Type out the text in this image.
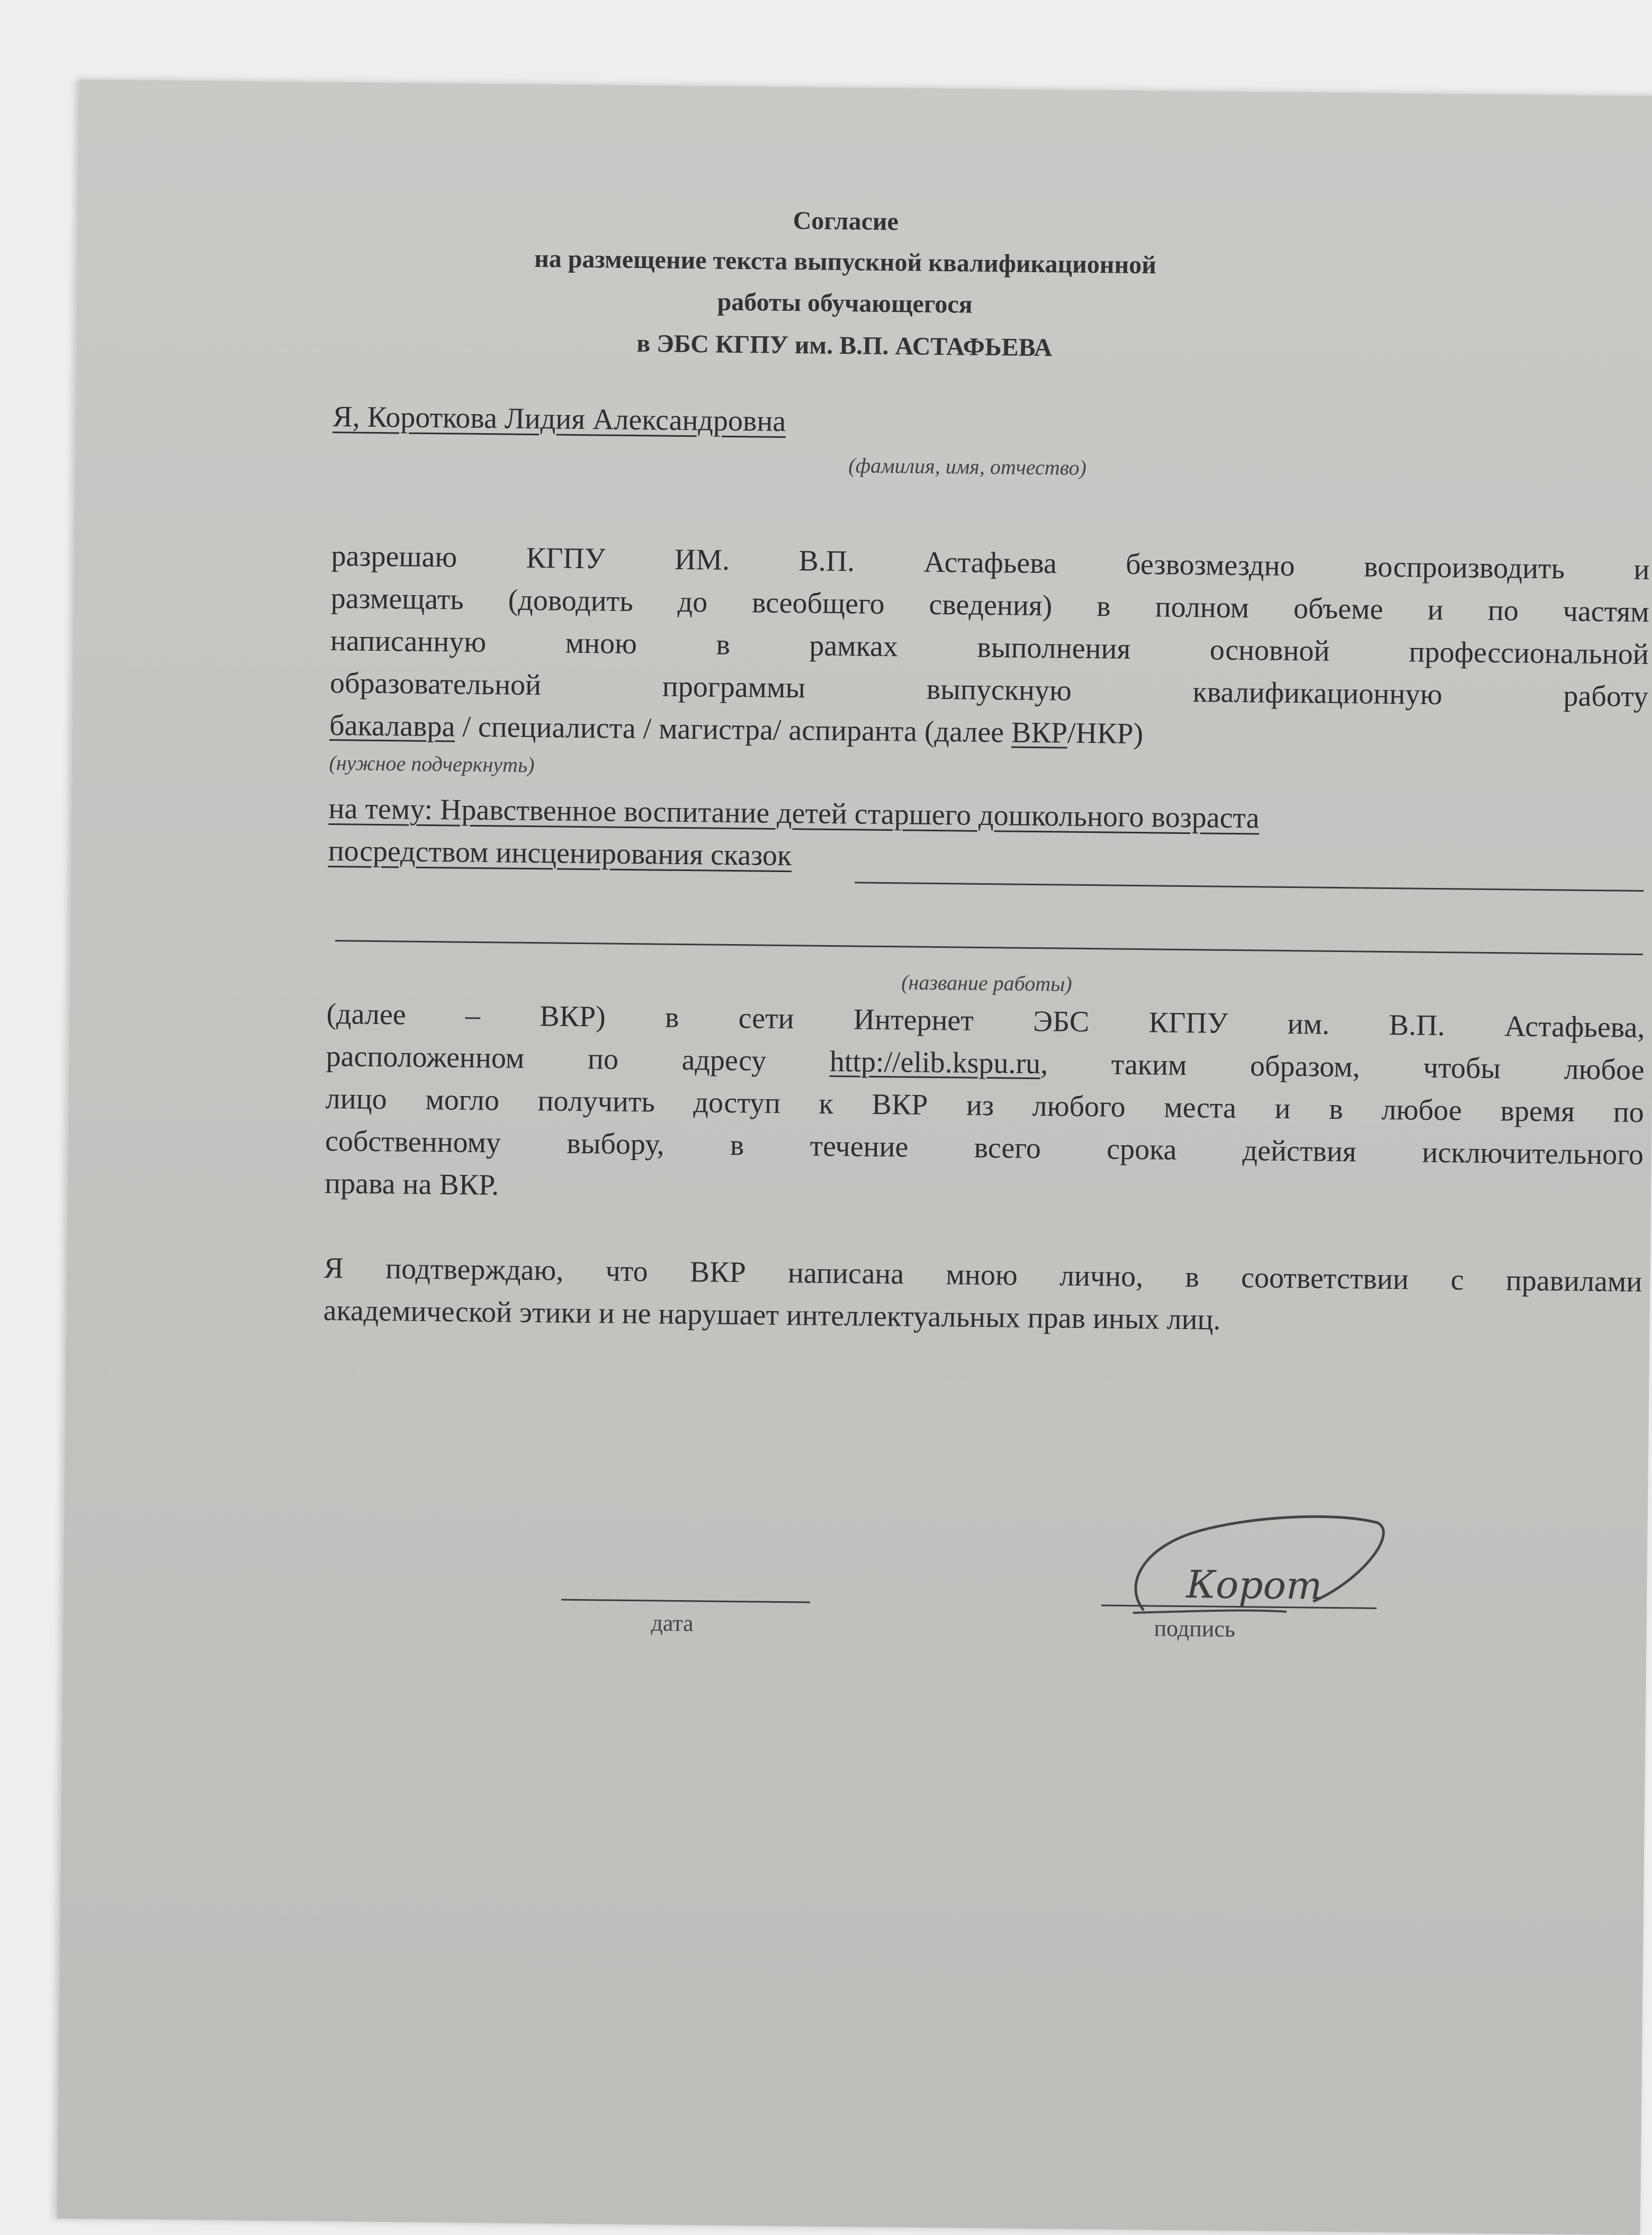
Согласие
на размещение текста выпускной квалификационной
работы обучающегося
в ЭБС КГПУ им. В.П. АСТАФЬЕВА
Я, Короткова Лидия Александровна
(фамилия, имя, отчество)
разрешаю КГПУ ИМ. В.П. Астафьева безвозмездно воспроизводить и
размещать (доводить до всеобщего сведения) в полном объеме и по частям
написанную мною в рамках выполнения основной профессиональной
образовательной программы выпускную квалификационную работу
бакалавра / специалиста / магистра/ аспиранта (далее ВКР/НКР)
(нужное подчеркнуть)
на тему: Нравственное воспитание детей старшего дошкольного возраста
посредством инсценирования сказок
(название работы)
(далее – ВКР) в сети Интернет ЭБС КГПУ им. В.П. Астафьева,
расположенном по адресу http://elib.kspu.ru, таким образом, чтобы любое
лицо могло получить доступ к ВКР из любого места и в любое время по
собственному выбору, в течение всего срока действия исключительного
права на ВКР.
Я подтверждаю, что ВКР написана мною лично, в соответствии с правилами
академической этики и не нарушает интеллектуальных прав иных лиц.
дата	подпись
Корот
